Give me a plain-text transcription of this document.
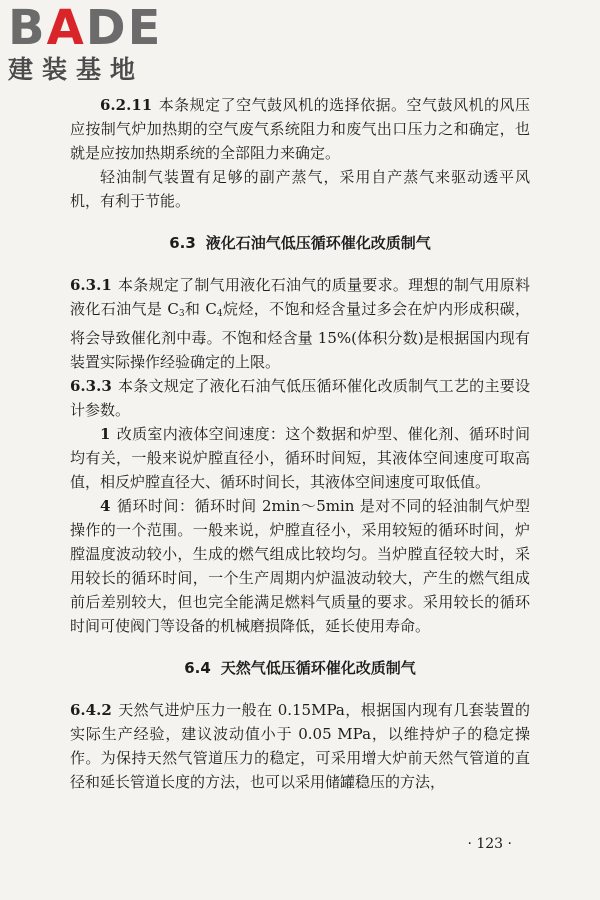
BADE
建装基地

6.2.11 本条规定了空气鼓风机的选择依据。空气鼓风机的风压应按制气炉加热期的空气废气系统阻力和废气出口压力之和确定，也就是应按加热期系统的全部阻力来确定。

轻油制气装置有足够的副产蒸气，采用自产蒸气来驱动透平风机，有利于节能。

6.3 液化石油气低压循环催化改质制气

6.3.1 本条规定了制气用液化石油气的质量要求。理想的制气用原料液化石油气是 $C_3$和 $C_4$烷烃，不饱和烃含量过多会在炉内形成积碳，将会导致催化剂中毒。不饱和烃含量 15%(体积分数)是根据国内现有装置实际操作经验确定的上限。

6.3.3 本条文规定了液化石油气低压循环催化改质制气工艺的主要设计参数。

1 改质室内液体空间速度：这个数据和炉型、催化剂、循环时间均有关，一般来说炉膛直径小，循环时间短，其液体空间速度可取高值，相反炉膛直径大、循环时间长，其液体空间速度可取低值。

4 循环时间：循环时间 2min～5min 是对不同的轻油制气炉型操作的一个范围。一般来说，炉膛直径小，采用较短的循环时间，炉膛温度波动较小，生成的燃气组成比较均匀。当炉膛直径较大时，采用较长的循环时间，一个生产周期内炉温波动较大，产生的燃气组成前后差别较大，但也完全能满足燃料气质量的要求。采用较长的循环时间可使阀门等设备的机械磨损降低，延长使用寿命。

6.4 天然气低压循环催化改质制气

6.4.2 天然气进炉压力一般在 0.15MPa，根据国内现有几套装置的实际生产经验，建议波动值小于 0.05 MPa，以维持炉子的稳定操作。为保持天然气管道压力的稳定，可采用增大炉前天然气管道的直径和延长管道长度的方法，也可以采用储罐稳压的方法，

· 123 ·
